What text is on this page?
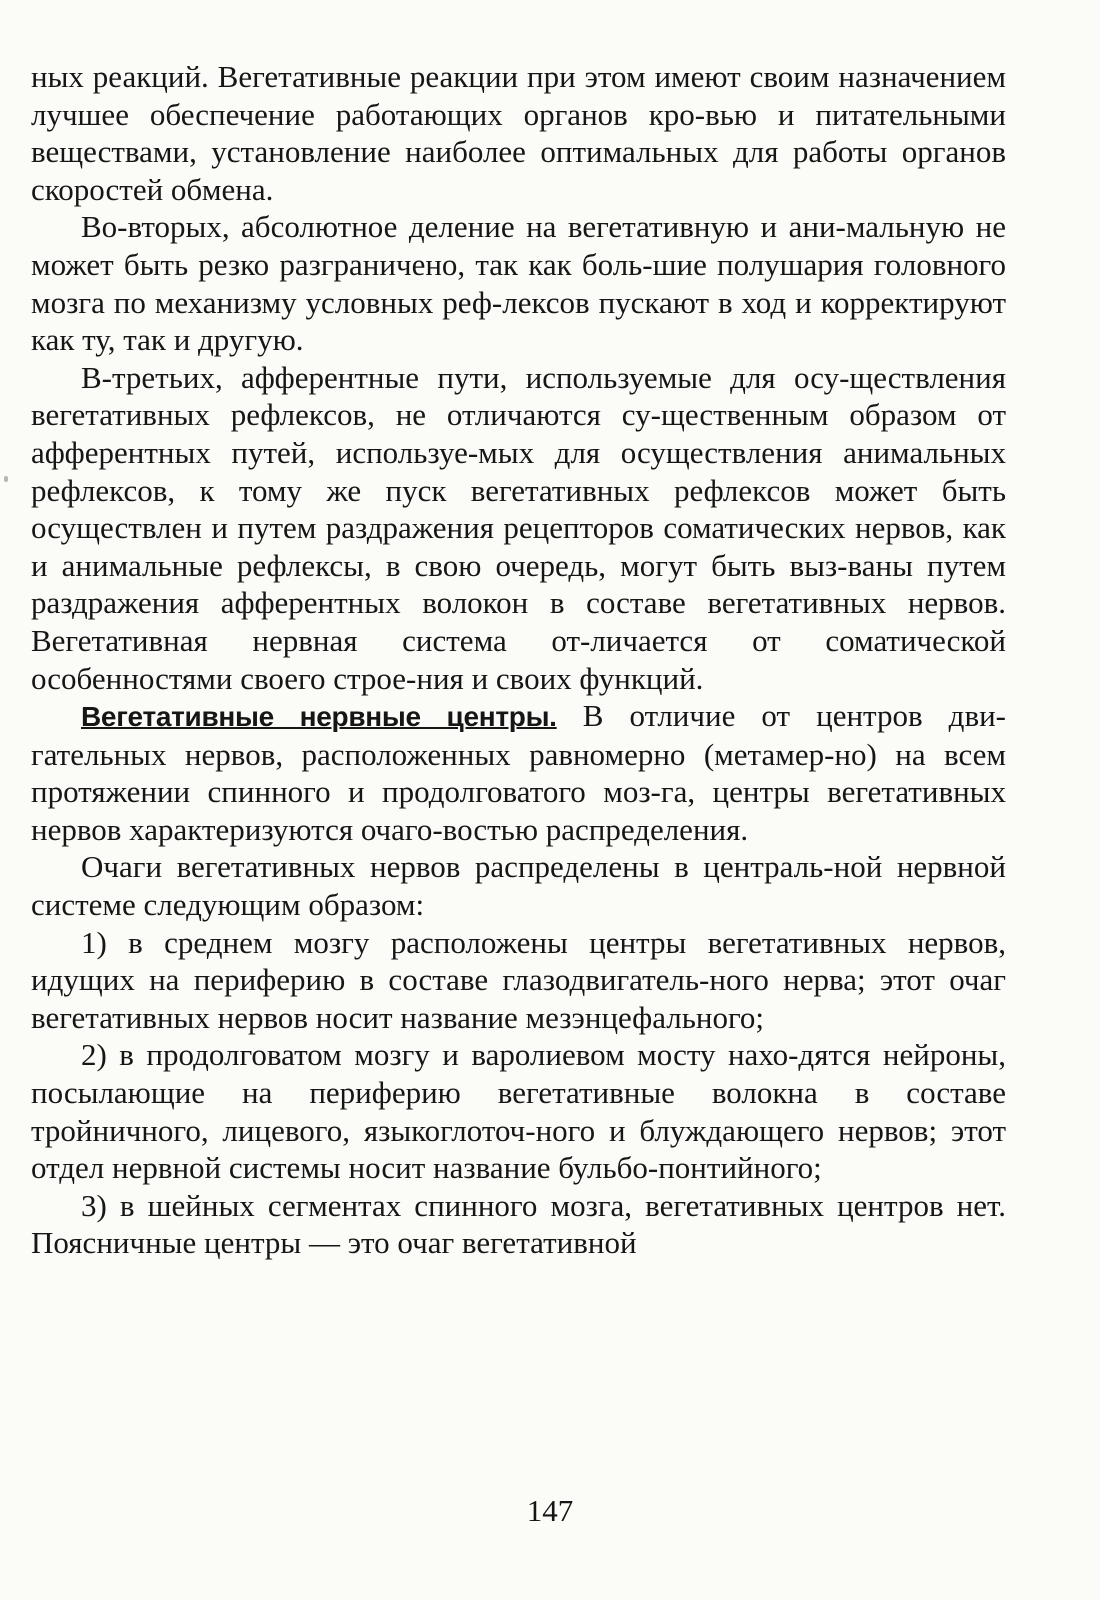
ных реакций. Вегетативные реакции при этом имеют своим назначением лучшее обеспечение работающих органов кро-вью и питательными веществами, установление наиболее оптимальных для работы органов скоростей обмена.

Во-вторых, абсолютное деление на вегетативную и ани-мальную не может быть резко разграничено, так как боль-шие полушария головного мозга по механизму условных реф-лексов пускают в ход и корректируют как ту, так и другую.

В-третьих, афферентные пути, используемые для осу-ществления вегетативных рефлексов, не отличаются су-щественным образом от афферентных путей, используе-мых для осуществления анимальных рефлексов, к тому же пуск вегетативных рефлексов может быть осуществлен и путем раздражения рецепторов соматических нервов, как и анимальные рефлексы, в свою очередь, могут быть выз-ваны путем раздражения афферентных волокон в составе вегетативных нервов. Вегетативная нервная система от-личается от соматической особенностями своего строе-ния и своих функций.

Вегетативные нервные центры. В отличие от центров дви-гательных нервов, расположенных равномерно (метамер-но) на всем протяжении спинного и продолговатого моз-га, центры вегетативных нервов характеризуются очаго-востью распределения.

Очаги вегетативных нервов распределены в централь-ной нервной системе следующим образом:

1) в среднем мозгу расположены центры вегетативных нервов, идущих на периферию в составе глазодвигатель-ного нерва; этот очаг вегетативных нервов носит название мезэнцефального;

2) в продолговатом мозгу и варолиевом мосту нахо-дятся нейроны, посылающие на периферию вегетативные волокна в составе тройничного, лицевого, языкоглоточ-ного и блуждающего нервов; этот отдел нервной системы носит название бульбо-понтийного;

3) в шейных сегментах спинного мозга, вегетативных центров нет. Поясничные центры — это очаг вегетативной

147
